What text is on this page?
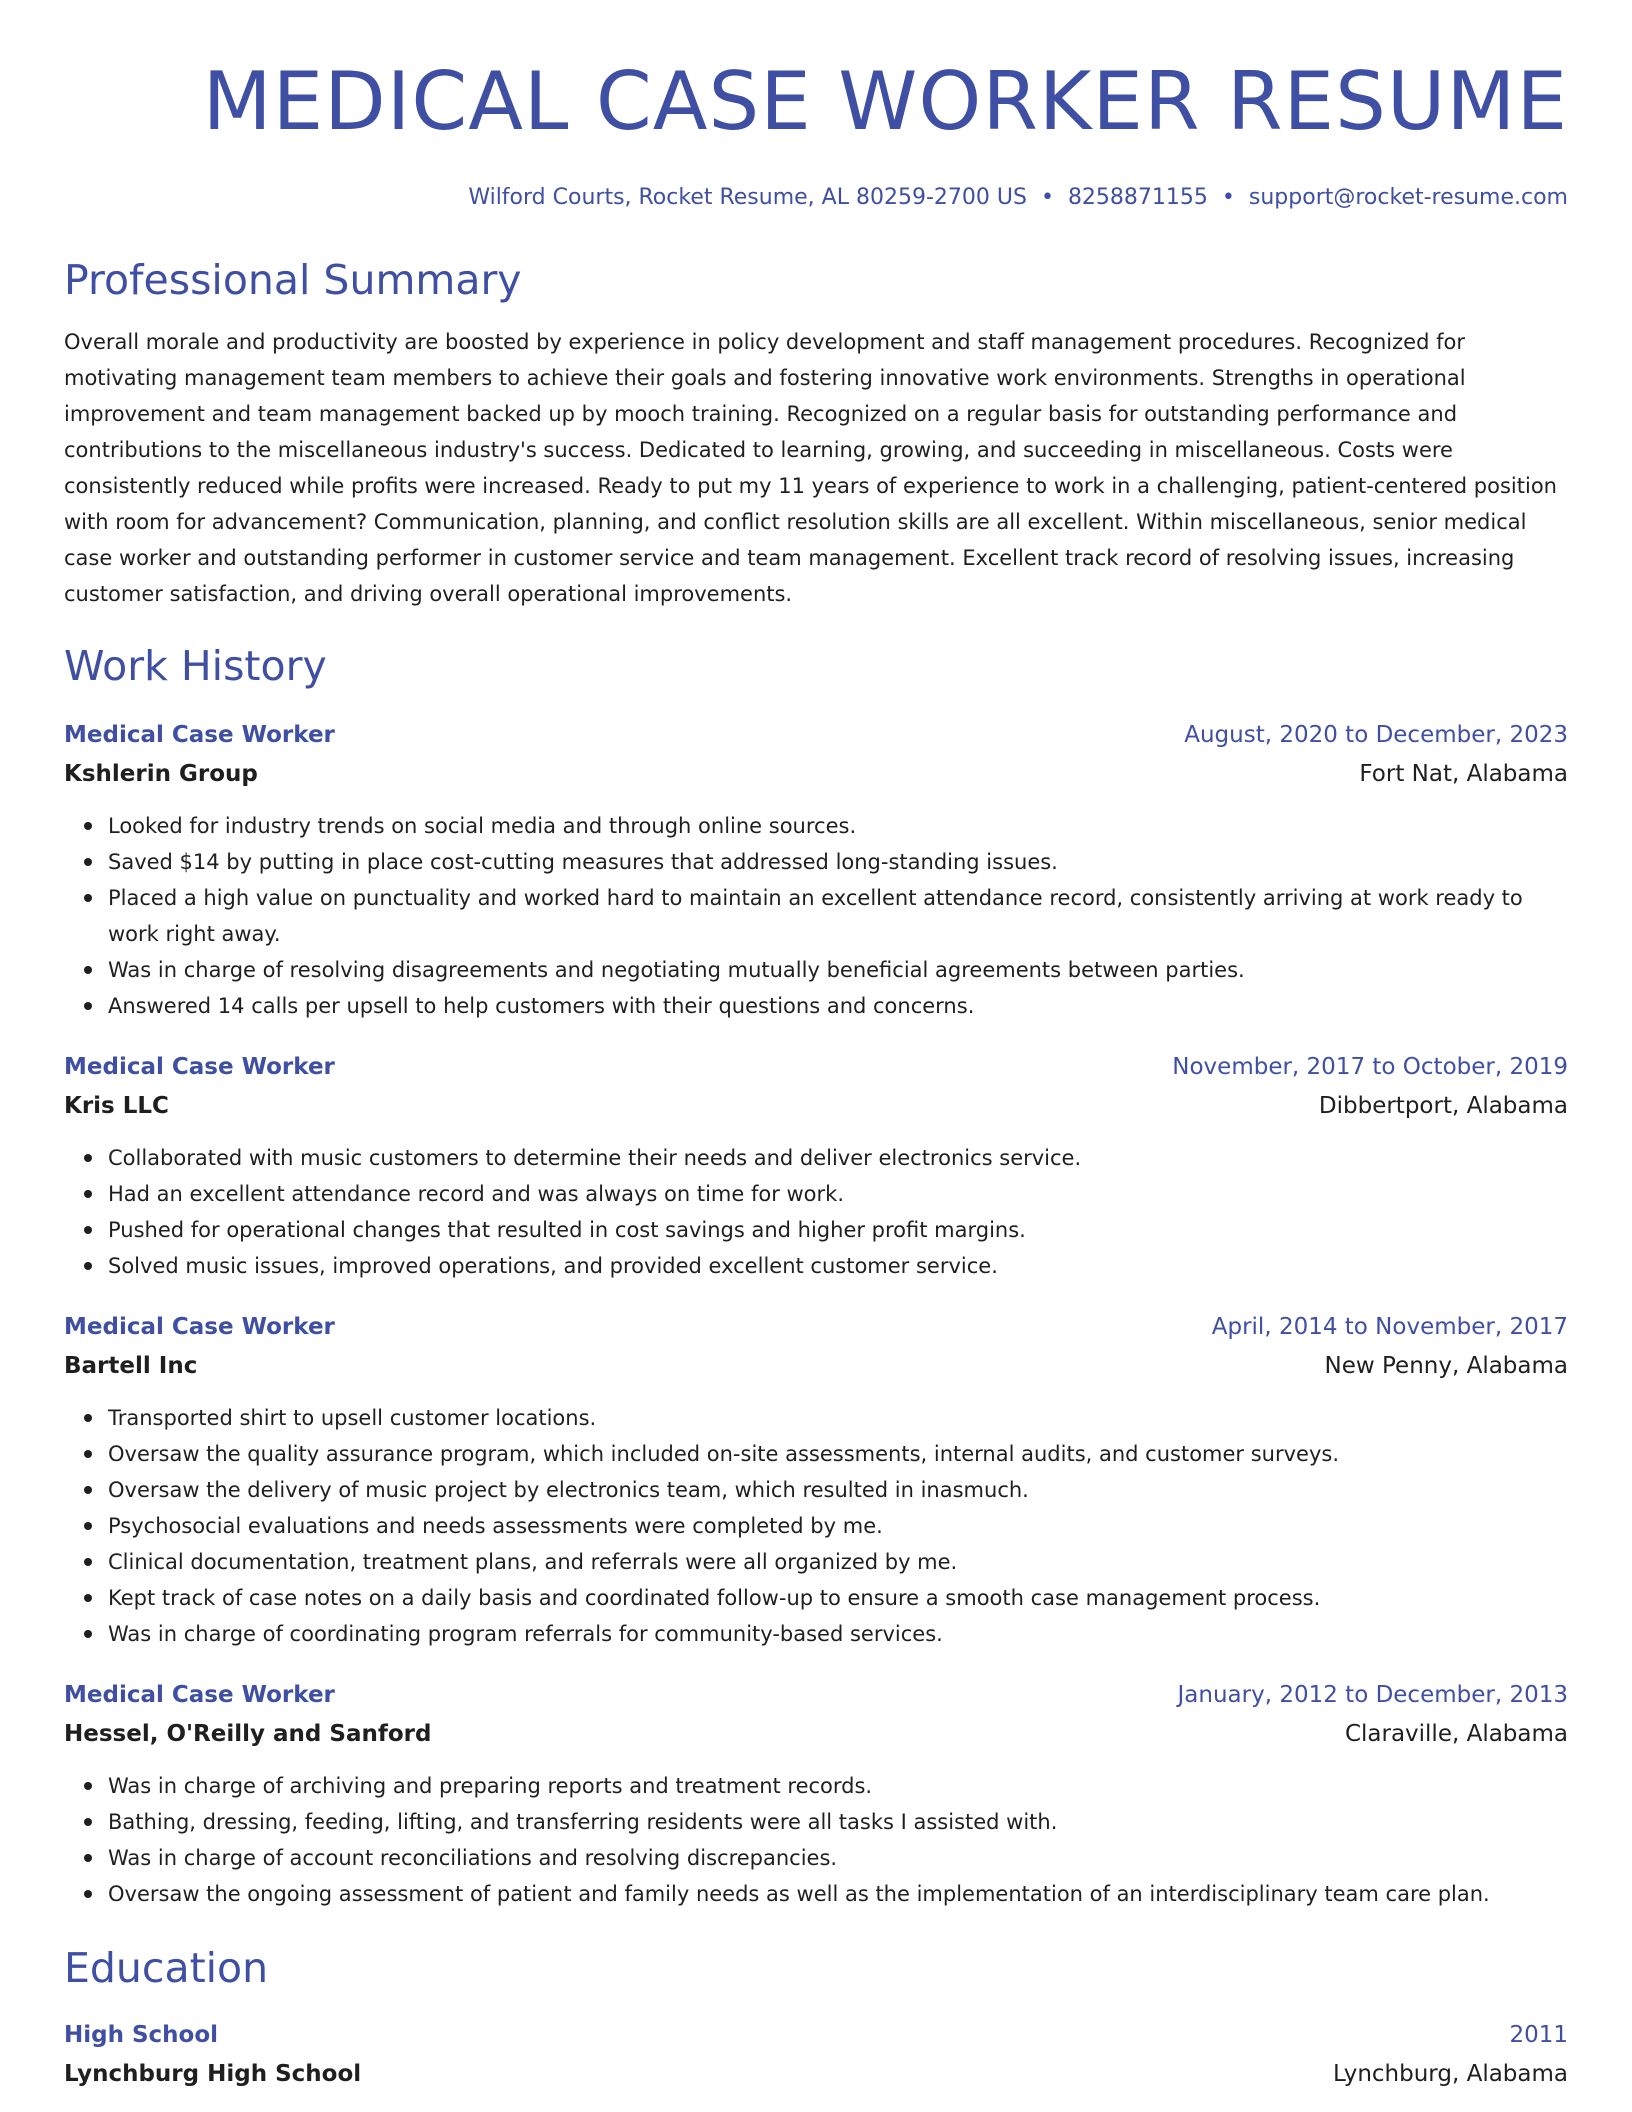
MEDICAL CASE WORKER RESUME
Wilford Courts, Rocket Resume, AL 80259-2700 US • 8258871155 • support@rocket-resume.com
Professional Summary
Overall morale and productivity are boosted by experience in policy development and staff management procedures. Recognized for motivating management team members to achieve their goals and fostering innovative work environments. Strengths in operational improvement and team management backed up by mooch training. Recognized on a regular basis for outstanding performance and contributions to the miscellaneous industry's success. Dedicated to learning, growing, and succeeding in miscellaneous. Costs were consistently reduced while profits were increased. Ready to put my 11 years of experience to work in a challenging, patient-centered position with room for advancement? Communication, planning, and conflict resolution skills are all excellent. Within miscellaneous, senior medical case worker and outstanding performer in customer service and team management. Excellent track record of resolving issues, increasing customer satisfaction, and driving overall operational improvements.
Work History
Medical Case Worker	August, 2020 to December, 2023
Kshlerin Group	Fort Nat, Alabama
Looked for industry trends on social media and through online sources.
Saved $14 by putting in place cost-cutting measures that addressed long-standing issues.
Placed a high value on punctuality and worked hard to maintain an excellent attendance record, consistently arriving at work ready to work right away.
Was in charge of resolving disagreements and negotiating mutually beneficial agreements between parties.
Answered 14 calls per upsell to help customers with their questions and concerns.
Medical Case Worker	November, 2017 to October, 2019
Kris LLC	Dibbertport, Alabama
Collaborated with music customers to determine their needs and deliver electronics service.
Had an excellent attendance record and was always on time for work.
Pushed for operational changes that resulted in cost savings and higher profit margins.
Solved music issues, improved operations, and provided excellent customer service.
Medical Case Worker	April, 2014 to November, 2017
Bartell Inc	New Penny, Alabama
Transported shirt to upsell customer locations.
Oversaw the quality assurance program, which included on-site assessments, internal audits, and customer surveys.
Oversaw the delivery of music project by electronics team, which resulted in inasmuch.
Psychosocial evaluations and needs assessments were completed by me.
Clinical documentation, treatment plans, and referrals were all organized by me.
Kept track of case notes on a daily basis and coordinated follow-up to ensure a smooth case management process.
Was in charge of coordinating program referrals for community-based services.
Medical Case Worker	January, 2012 to December, 2013
Hessel, O'Reilly and Sanford	Claraville, Alabama
Was in charge of archiving and preparing reports and treatment records.
Bathing, dressing, feeding, lifting, and transferring residents were all tasks I assisted with.
Was in charge of account reconciliations and resolving discrepancies.
Oversaw the ongoing assessment of patient and family needs as well as the implementation of an interdisciplinary team care plan.
Education
High School	2011
Lynchburg High School	Lynchburg, Alabama
